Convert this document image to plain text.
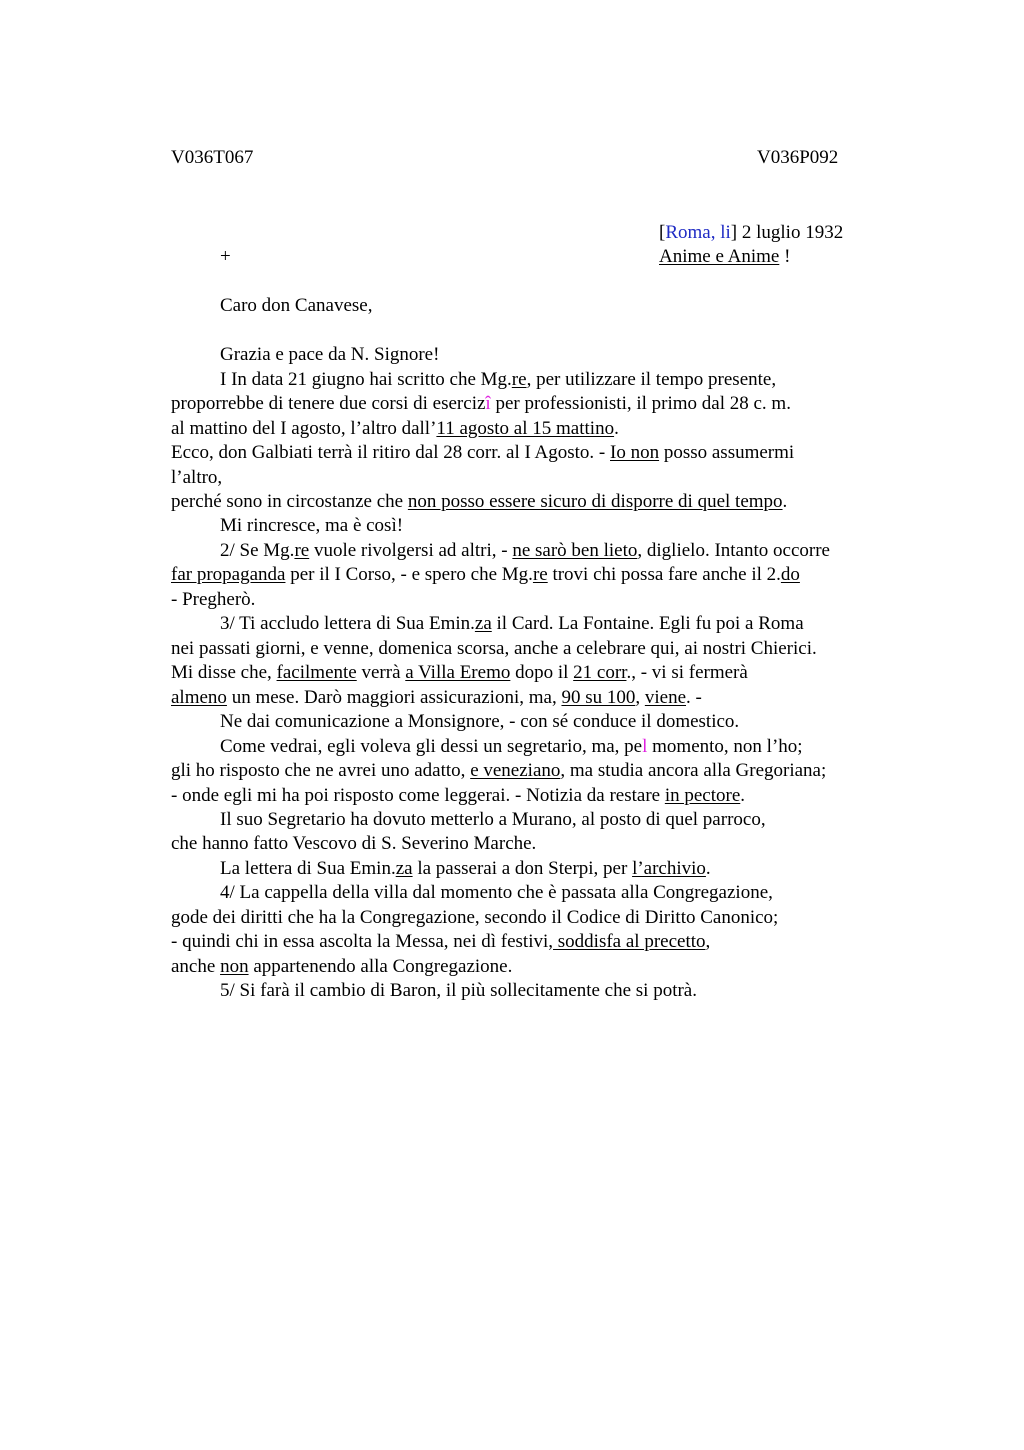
V036T067	V036P092
[Roma, li] 2 luglio 1932
+	Anime e Anime !
Caro don Canavese,
Grazia e pace da N. Signore!
I In data 21 giugno hai scritto che Mg.re, per utilizzare il tempo presente,
proporrebbe di tenere due corsi di esercizî per professionisti, il primo dal 28 c. m.
al mattino del I agosto, l’altro dall’11 agosto al 15 mattino.
Ecco, don Galbiati terrà il ritiro dal 28 corr. al I Agosto. - Io non posso assumermi
l’altro,
perché sono in circostanze che non posso essere sicuro di disporre di quel tempo.
Mi rincresce, ma è così!
2/ Se Mg.re vuole rivolgersi ad altri, - ne sarò ben lieto, diglielo. Intanto occorre
far propaganda per il I Corso, - e spero che Mg.re trovi chi possa fare anche il 2.do
- Pregherò.
3/ Ti accludo lettera di Sua Emin.za il Card. La Fontaine. Egli fu poi a Roma
nei passati giorni, e venne, domenica scorsa, anche a celebrare qui, ai nostri Chierici.
Mi disse che, facilmente verrà a Villa Eremo dopo il 21 corr., - vi si fermerà
almeno un mese. Darò maggiori assicurazioni, ma, 90 su 100, viene. -
Ne dai comunicazione a Monsignore, - con sé conduce il domestico.
Come vedrai, egli voleva gli dessi un segretario, ma, pel momento, non l’ho;
gli ho risposto che ne avrei uno adatto, e veneziano, ma studia ancora alla Gregoriana;
- onde egli mi ha poi risposto come leggerai. - Notizia da restare in pectore.
Il suo Segretario ha dovuto metterlo a Murano, al posto di quel parroco,
che hanno fatto Vescovo di S. Severino Marche.
La lettera di Sua Emin.za la passerai a don Sterpi, per l’archivio.
4/ La cappella della villa dal momento che è passata alla Congregazione,
gode dei diritti che ha la Congregazione, secondo il Codice di Diritto Canonico;
- quindi chi in essa ascolta la Messa, nei dì festivi, soddisfa al precetto,
anche non appartenendo alla Congregazione.
5/ Si farà il cambio di Baron, il più sollecitamente che si potrà.
